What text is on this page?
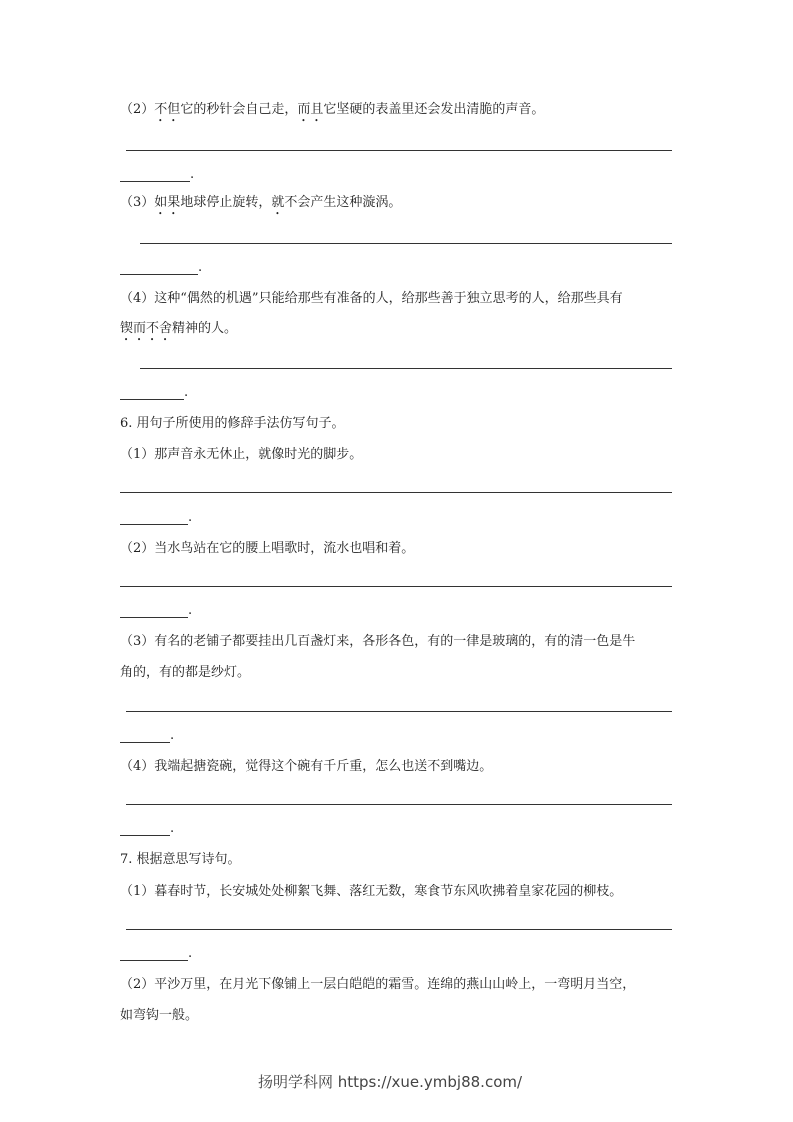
（2）不但它的秒针会自己走，而且它坚硬的表盖里还会发出清脆的声音。
.
（3）如果地球停止旋转，就不会产生这种漩涡。
.
（4）这种“偶然的机遇”只能给那些有准备的人，给那些善于独立思考的人，给那些具有
锲而不舍精神的人。
.
6. 用句子所使用的修辞手法仿写句子。
（1）那声音永无休止，就像时光的脚步。
.
（2）当水鸟站在它的腰上唱歌时，流水也唱和着。
.
（3）有名的老铺子都要挂出几百盏灯来，各形各色，有的一律是玻璃的，有的清一色是牛
角的，有的都是纱灯。
.
（4）我端起搪瓷碗，觉得这个碗有千斤重，怎么也送不到嘴边。
.
7. 根据意思写诗句。
（1）暮春时节，长安城处处柳絮飞舞、落红无数，寒食节东风吹拂着皇家花园的柳枝。
.
（2）平沙万里，在月光下像铺上一层白皑皑的霜雪。连绵的燕山山岭上，一弯明月当空，
如弯钩一般。
扬明学科网 https://xue.ymbj88.com/
